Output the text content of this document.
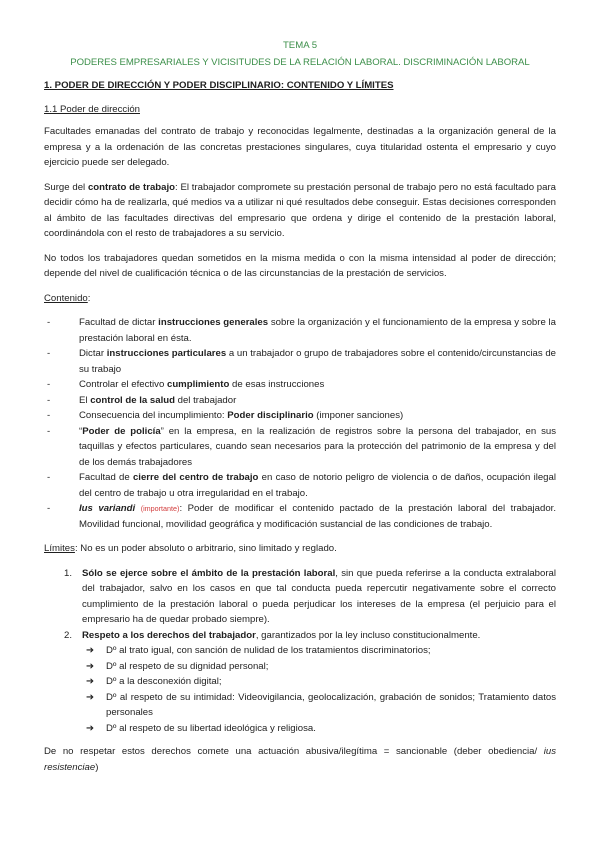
TEMA 5
PODERES EMPRESARIALES Y VICISITUDES DE LA RELACIÓN LABORAL. DISCRIMINACIÓN LABORAL
1. PODER DE DIRECCIÓN Y PODER DISCIPLINARIO: CONTENIDO Y LÍMITES
1.1 Poder de dirección

Facultades emanadas del contrato de trabajo y reconocidas legalmente, destinadas a la organización general de la empresa y a la ordenación de las concretas prestaciones singulares, cuya titularidad ostenta el empresario y cuyo ejercicio puede ser delegado.

Surge del contrato de trabajo: El trabajador compromete su prestación personal de trabajo pero no está facultado para decidir cómo ha de realizarla, qué medios va a utilizar ni qué resultados debe conseguir. Estas decisiones corresponden al ámbito de las facultades directivas del empresario que ordena y dirige el contenido de la prestación laboral, coordinándola con el resto de trabajadores a su servicio.

No todos los trabajadores quedan sometidos en la misma medida o con la misma intensidad al poder de dirección; depende del nivel de cualificación técnica o de las circunstancias de la prestación de servicios.

Contenido:

-	Facultad de dictar instrucciones generales sobre la organización y el funcionamiento de la empresa y sobre la prestación laboral en ésta.
-	Dictar instrucciones particulares a un trabajador o grupo de trabajadores sobre el contenido/circunstancias de su trabajo
-	Controlar el efectivo cumplimiento de esas instrucciones
-	El control de la salud del trabajador
-	Consecuencia del incumplimiento: Poder disciplinario (imponer sanciones)
-	“Poder de policía” en la empresa, en la realización de registros sobre la persona del trabajador, en sus taquillas y efectos particulares, cuando sean necesarios para la protección del patrimonio de la empresa y del de los demás trabajadores
-	Facultad de cierre del centro de trabajo en caso de notorio peligro de violencia o de daños, ocupación ilegal del centro de trabajo u otra irregularidad en el trabajo.
-	Ius variandi (importante): Poder de modificar el contenido pactado de la prestación laboral del trabajador. Movilidad funcional, movilidad geográfica y modificación sustancial de las condiciones de trabajo.

Límites: No es un poder absoluto o arbitrario, sino limitado y reglado.

1. Sólo se ejerce sobre el ámbito de la prestación laboral, sin que pueda referirse a la conducta extralaboral del trabajador, salvo en los casos en que tal conducta pueda repercutir negativamente sobre el correcto cumplimiento de la prestación laboral o pueda perjudicar los intereses de la empresa (el perjuicio para el empresario ha de quedar probado siempre).
2. Respeto a los derechos del trabajador, garantizados por la ley incluso constitucionalmente.
➔ Dº al trato igual, con sanción de nulidad de los tratamientos discriminatorios;
➔ Dº al respeto de su dignidad personal;
➔ Dº a la desconexión digital;
➔ Dº al respeto de su intimidad: Videovigilancia, geolocalización, grabación de sonidos; Tratamiento datos personales
➔ Dº al respeto de su libertad ideológica y religiosa.

De no respetar estos derechos comete una actuación abusiva/ilegítima = sancionable (deber obediencia/ ius resistenciae)
